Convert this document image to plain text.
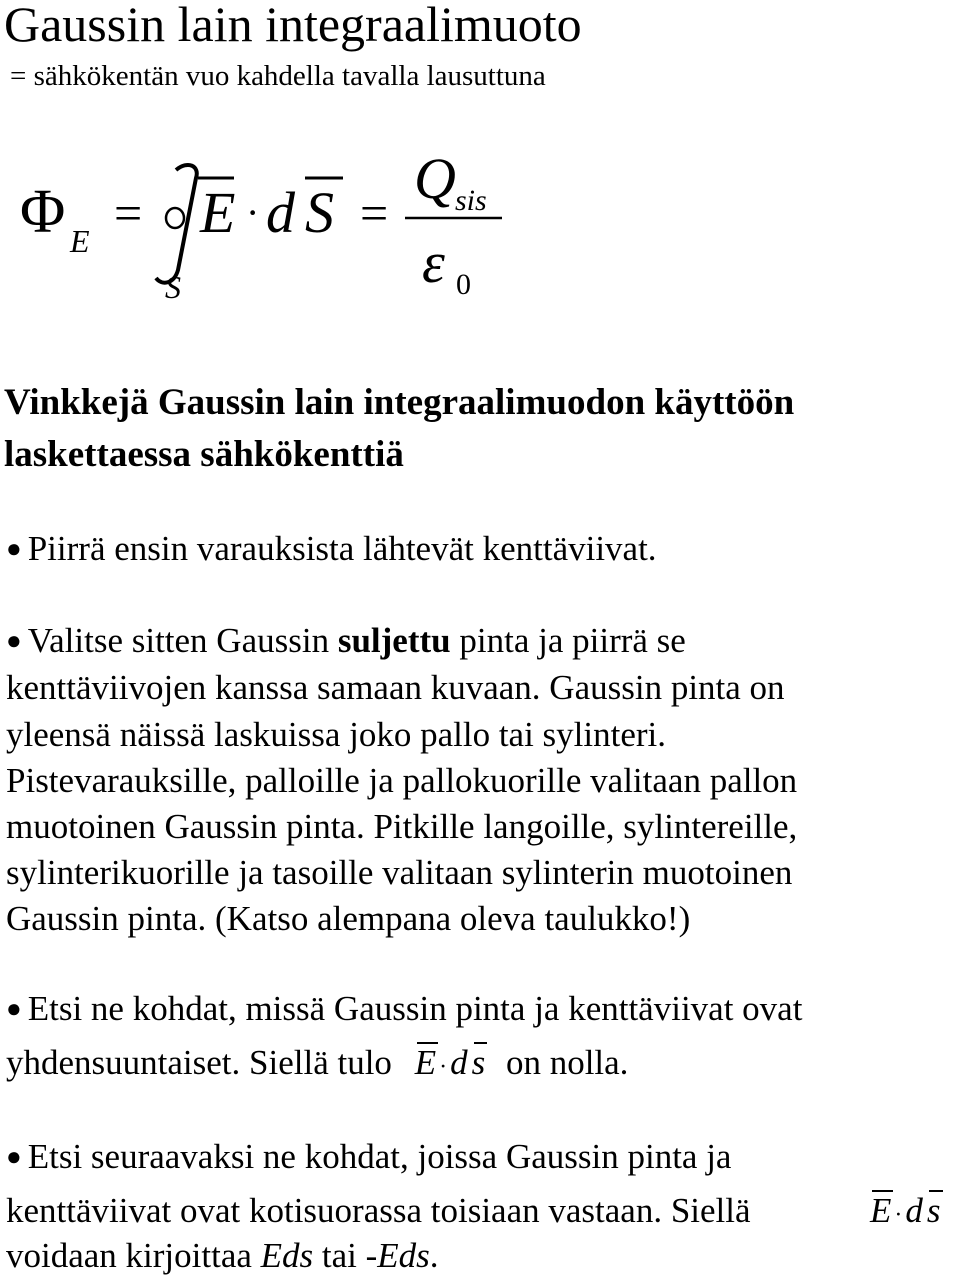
Gaussin lain integraalimuoto
= sähkökentän vuo kahdella tavalla lausuttuna
Φ E =
S
E · d S =
Q sis
ε 0
Vinkkejä Gaussin lain integraalimuodon käyttöön
laskettaessa sähkökenttiä
● Piirrä ensin varauksista lähtevät kenttäviivat.
● Valitse sitten Gaussin suljettu pinta ja piirrä se
kenttäviivojen kanssa samaan kuvaan. Gaussin pinta on
yleensä näissä laskuissa joko pallo tai sylinteri.
Pistevarauksille, palloille ja pallokuorille valitaan pallon
muotoinen Gaussin pinta. Pitkille langoille, sylintereille,
sylinterikuorille ja tasoille valitaan sylinterin muotoinen
Gaussin pinta. (Katso alempana oleva taulukko!)
● Etsi ne kohdat, missä Gaussin pinta ja kenttäviivat ovat
yhdensuuntaiset. Siellä tulo E ·d s on nolla.
● Etsi seuraavaksi ne kohdat, joissa Gaussin pinta ja
kenttäviivat ovat kotisuorassa toisiaan vastaan. Siellä	E ·d s
voidaan kirjoittaa Eds tai -Eds.
